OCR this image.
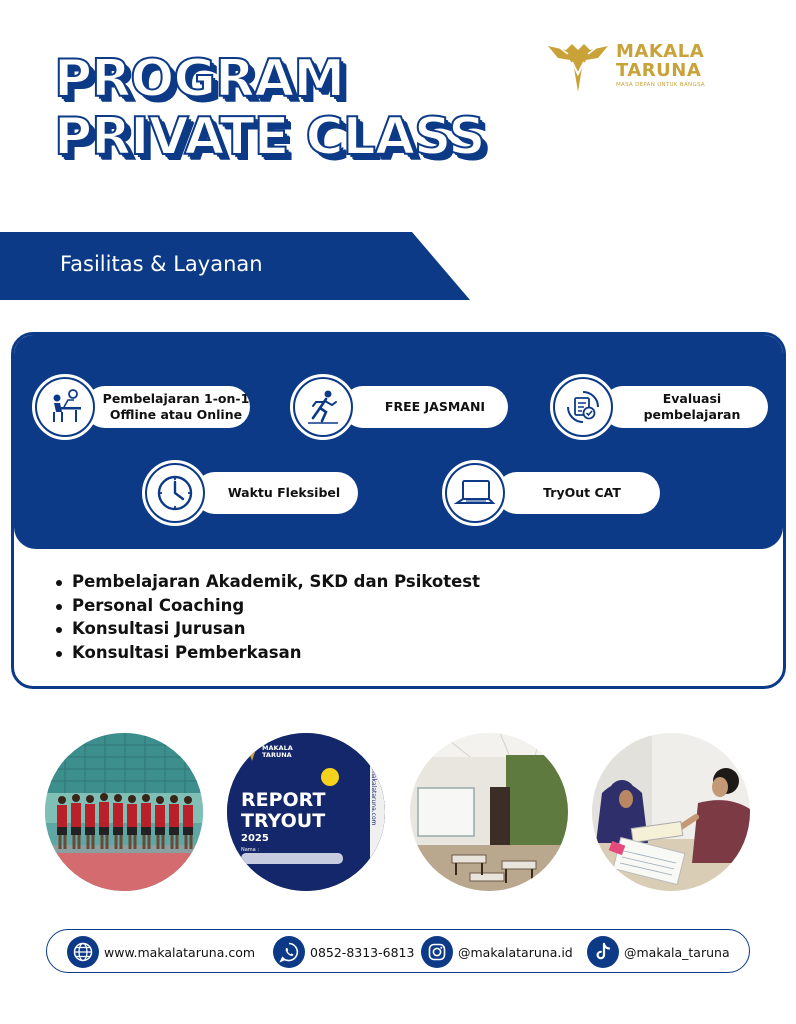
PROGRAM
PRIVATE CLASS
MAKALA
TARUNA
MASA DEPAN UNTUK BANGSA
Fasilitas & Layanan
Pembelajaran 1-on-1
Offline atau Online
FREE JASMANI
Evaluasi
pembelajaran
Waktu Fleksibel	TryOut CAT
Pembelajaran Akademik, SKD dan Psikotest
Personal Coaching
Konsultasi Jurusan
Konsultasi Pemberkasan
MAKALA
TARUNA
REPORT
TRYOUT
2025
Nama :
www.makalataruna.com
www.makalataruna.com	0852-8313-6813	@makalataruna.id	@makala_taruna
